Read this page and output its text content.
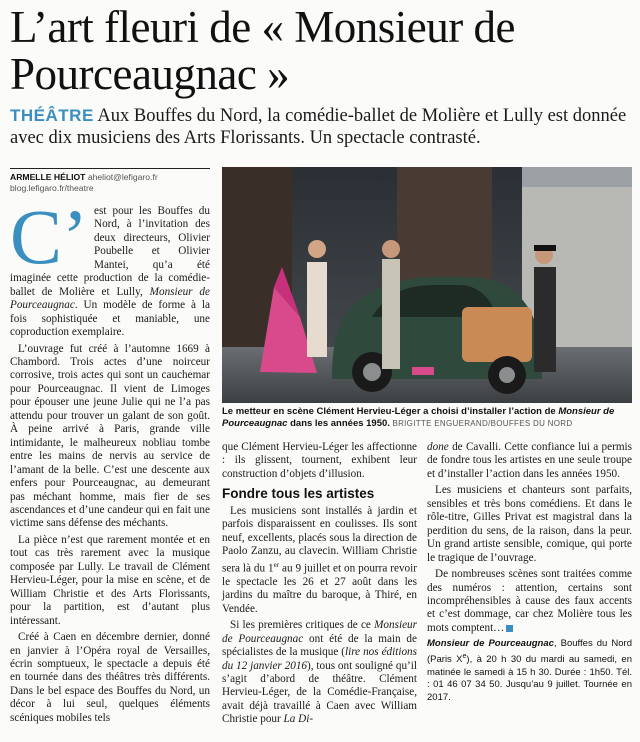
L’art fleuri de « Monsieur de Pourceaugnac »
THÉÂTRE Aux Bouffes du Nord, la comédie-ballet de Molière et Lully est donnée avec dix musiciens des Arts Florissants. Un spectacle contrasté.
ARMELLE HÉLIOT aheliot@lefigaro.fr
blog.lefigaro.fr/theatre

C’ est pour les Bouffes du Nord, à l’invitation des deux directeurs, Olivier Poubelle et Olivier Mantei, qu’a été imaginée cette production de la comédie-ballet de Molière et Lully, Monsieur de Pourceaugnac. Un modèle de forme à la fois sophistiquée et maniable, une coproduction exemplaire.

L’ouvrage fut créé à l’automne 1669 à Chambord. Trois actes d’une noirceur corrosive, trois actes qui sont un cauchemar pour Pourceaugnac. Il vient de Limoges pour épouser une jeune Julie qui ne l’a pas attendu pour trouver un galant de son goût. À peine arrivé à Paris, grande ville intimidante, le malheureux nobliau tombe entre les mains de nervis au service de l’amant de la belle. C’est une descente aux enfers pour Pourceaugnac, au demeurant pas méchant homme, mais fier de ses ascendances et d’une candeur qui en fait une victime sans défense des méchants.

La pièce n’est que rarement montée et en tout cas très rarement avec la musique composée par Lully. Le travail de Clément Hervieu-Léger, pour la mise en scène, et de William Christie et des Arts Florissants, pour la partition, est d’autant plus intéressant.

Créé à Caen en décembre dernier, donné en janvier à l’Opéra royal de Versailles, écrin somptueux, le spectacle a depuis été en tournée dans des théâtres très différents. Dans le bel espace des Bouffes du Nord, un décor à lui seul, quelques éléments scéniques mobiles tels

Le metteur en scène Clément Hervieu-Léger a choisi d’installer l’action de Monsieur de Pourceaugnac dans les années 1950. BRIGITTE ENGUERAND/BOUFFES DU NORD

que Clément Hervieu-Léger les affectionne : ils glissent, tournent, exhibent leur construction d’objets d’illusion.

Fondre tous les artistes

Les musiciens sont installés à jardin et parfois disparaissent en coulisses. Ils sont neuf, excellents, placés sous la direction de Paolo Zanzu, au clavecin. William Christie sera là du 1er au 9 juillet et on pourra revoir le spectacle les 26 et 27 août dans les jardins du maître du baroque, à Thiré, en Vendée.

Si les premières critiques de ce Monsieur de Pourceaugnac ont été de la main de spécialistes de la musique (lire nos éditions du 12 janvier 2016), tous ont souligné qu’il s’agit d’abord de théâtre. Clément Hervieu-Léger, de la Comédie-Française, avait déjà travaillé à Caen avec William Christie pour La Di-

done de Cavalli. Cette confiance lui a permis de fondre tous les artistes en une seule troupe et d’installer l’action dans les années 1950.

Les musiciens et chanteurs sont parfaits, sensibles et très bons comédiens. Et dans le rôle-titre, Gilles Privat est magistral dans la perdition du sens, de la raison, dans la peur. Un grand artiste sensible, comique, qui porte le tragique de l’ouvrage.

De nombreuses scènes sont traitées comme des numéros : attention, certains sont incompréhensibles à cause des faux accents et c’est dommage, car chez Molière tous les mots comptent…

Monsieur de Pourceaugnac, Bouffes du Nord (Paris Xe), à 20 h 30 du mardi au samedi, en matinée le samedi à 15 h 30. Durée : 1h50. Tél. : 01 46 07 34 50. Jusqu’au 9 juillet. Tournée en 2017.
